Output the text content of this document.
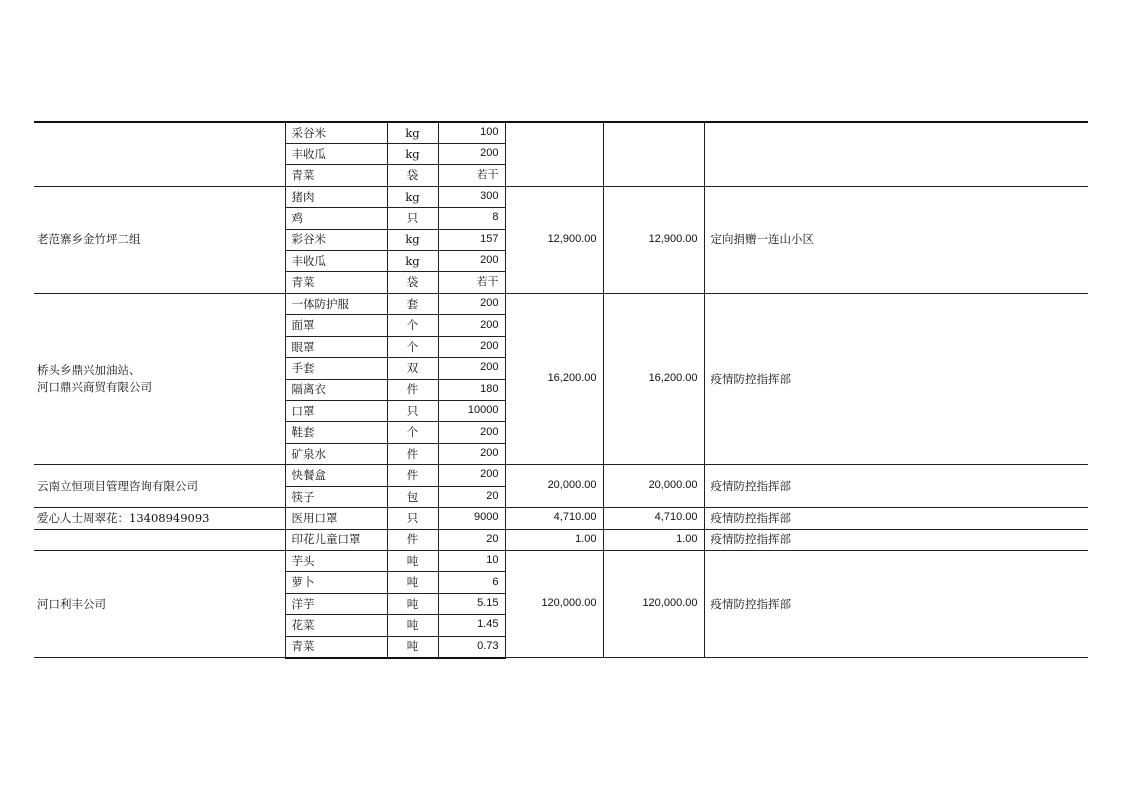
	采谷米	kg	100			
	丰收瓜	kg	200			
	青菜	袋	若干			
老范寨乡金竹坪二组	猪肉	kg	300	12,900.00	12,900.00	定向捐赠一连山小区
	鸡	只	8			
	彩谷米	kg	157			
	丰收瓜	kg	200			
	青菜	袋	若干			
桥头乡鼎兴加油站、
河口鼎兴商贸有限公司	一体防护服	套	200	16,200.00	16,200.00	疫情防控指挥部
	面罩	个	200			
	眼罩	个	200			
	手套	双	200			
	隔离衣	件	180			
	口罩	只	10000			
	鞋套	个	200			
	矿泉水	件	200			
云南立恒项目管理咨询有限公司	快餐盒	件	200	20,000.00	20,000.00	疫情防控指挥部
	筷子	包	20			
爱心人士周翠花：13408949093	医用口罩	只	9000	4,710.00	4,710.00	疫情防控指挥部
	印花儿童口罩	件	20	1.00	1.00	疫情防控指挥部
河口利丰公司	芋头	吨	10	120,000.00	120,000.00	疫情防控指挥部
	萝卜	吨	6			
	洋芋	吨	5.15			
	花菜	吨	1.45			
	青菜	吨	0.73			
